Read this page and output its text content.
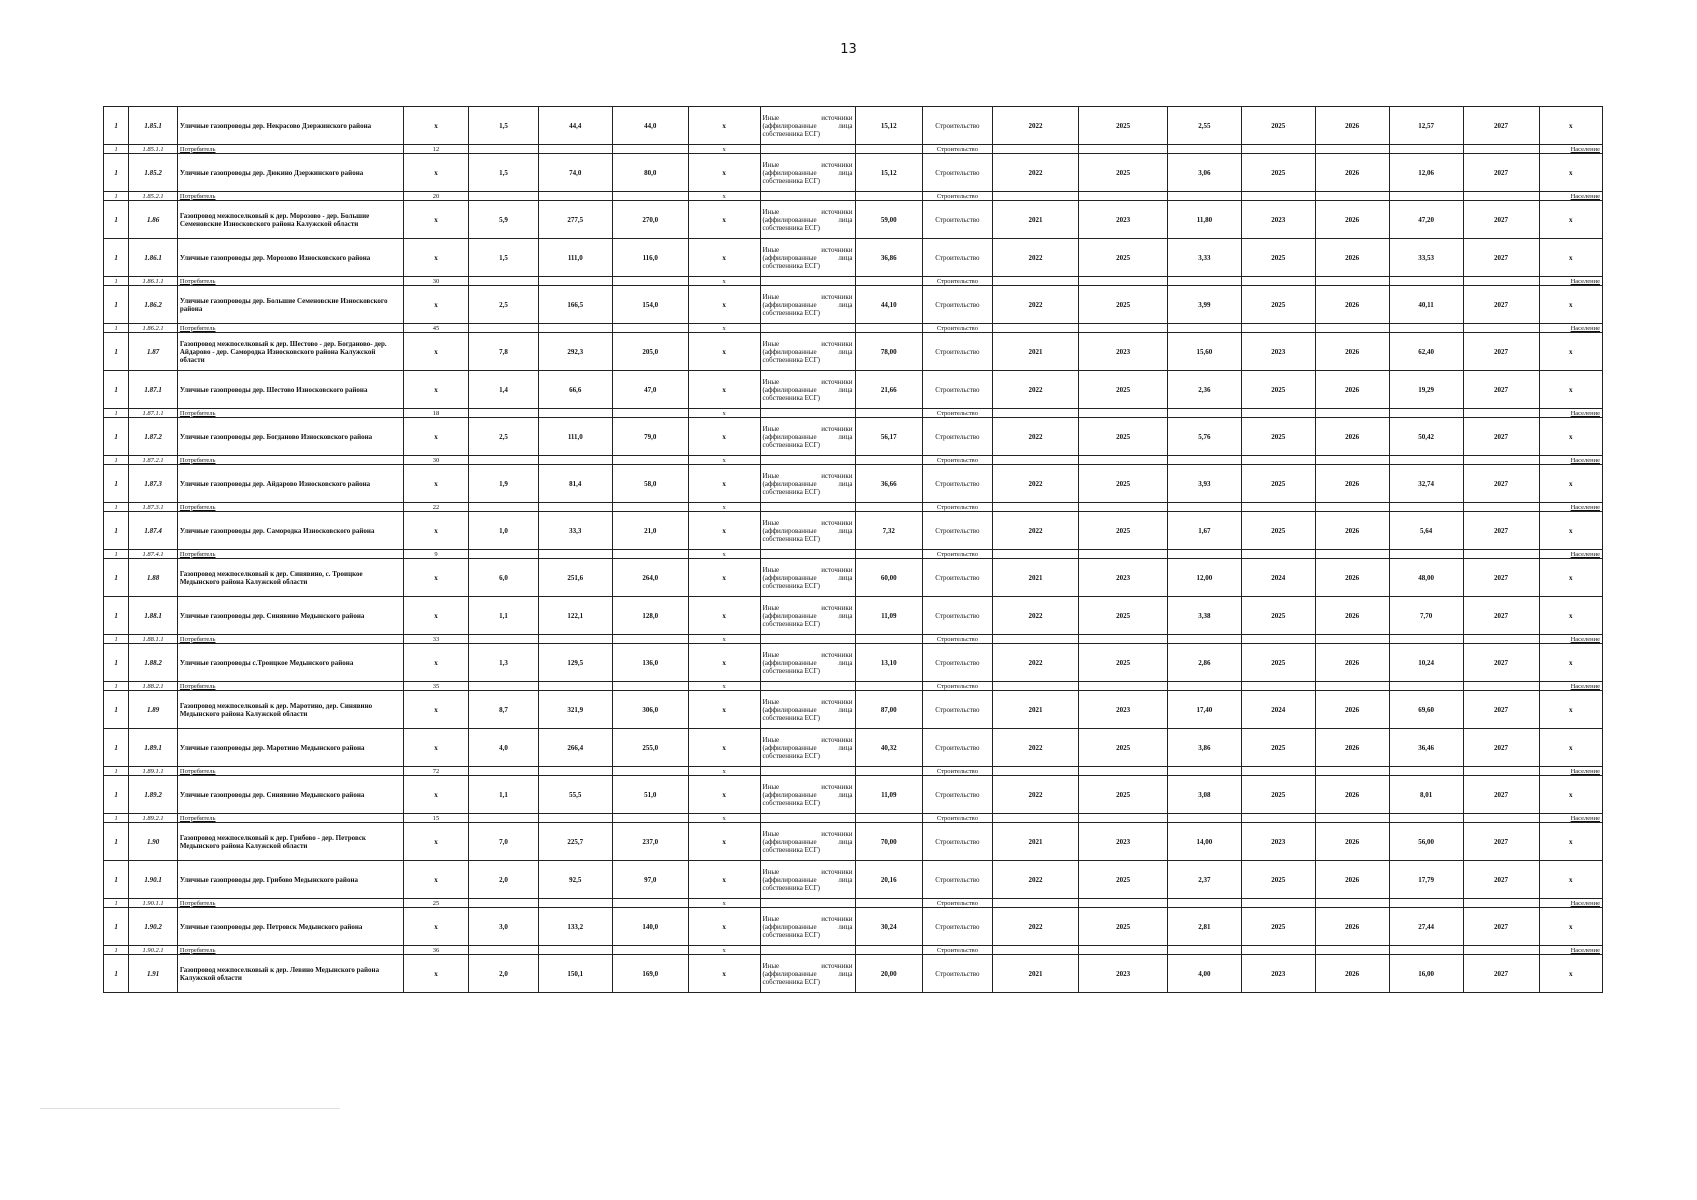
13
1	1.85.1	Уличные газопроводы дер. Некрасово Дзержинского района	x	1,5	44,4	44,0	x	Иные источники (аффилированные лица собственника ЕСГ)	15,12	Строительство	2022	2025	2,55	2025	2026	12,57	2027	x
1	1.85.1.1	Потребитель	12				x			Строительство								Население
1	1.85.2	Уличные газопроводы дер. Дюкино Дзержинского района	x	1,5	74,0	80,0	x	Иные источники (аффилированные лица собственника ЕСГ)	15,12	Строительство	2022	2025	3,06	2025	2026	12,06	2027	x
1	1.85.2.1	Потребитель	20				x			Строительство								Население
1	1.86	Газопровод межпоселковый к дер. Морозово - дер. Большие Семеновские Износковского района Калужской области	x	5,9	277,5	270,0	x	Иные источники (аффилированные лица собственника ЕСГ)	59,00	Строительство	2021	2023	11,80	2023	2026	47,20	2027	x
1	1.86.1	Уличные газопроводы дер. Морозово Износковского района	x	1,5	111,0	116,0	x	Иные источники (аффилированные лица собственника ЕСГ)	36,86	Строительство	2022	2025	3,33	2025	2026	33,53	2027	x
1	1.86.1.1	Потребитель	30				x			Строительство								Население
1	1.86.2	Уличные газопроводы дер. Большие Семеновские Износковского района	x	2,5	166,5	154,0	x	Иные источники (аффилированные лица собственника ЕСГ)	44,10	Строительство	2022	2025	3,99	2025	2026	40,11	2027	x
1	1.86.2.1	Потребитель	45				x			Строительство								Население
1	1.87	Газопровод межпоселковый к дер. Шестово - дер. Богданово- дер. Айдарово - дер. Самородка Износковского района Калужской области	x	7,8	292,3	205,0	x	Иные источники (аффилированные лица собственника ЕСГ)	78,00	Строительство	2021	2023	15,60	2023	2026	62,40	2027	x
1	1.87.1	Уличные газопроводы дер. Шестово Износковского района	x	1,4	66,6	47,0	x	Иные источники (аффилированные лица собственника ЕСГ)	21,66	Строительство	2022	2025	2,36	2025	2026	19,29	2027	x
1	1.87.1.1	Потребитель	18				x			Строительство								Население
1	1.87.2	Уличные газопроводы дер. Богданово Износковского района	x	2,5	111,0	79,0	x	Иные источники (аффилированные лица собственника ЕСГ)	56,17	Строительство	2022	2025	5,76	2025	2026	50,42	2027	x
1	1.87.2.1	Потребитель	30				x			Строительство								Население
1	1.87.3	Уличные газопроводы дер. Айдарово Износковского района	x	1,9	81,4	58,0	x	Иные источники (аффилированные лица собственника ЕСГ)	36,66	Строительство	2022	2025	3,93	2025	2026	32,74	2027	x
1	1.87.3.1	Потребитель	22				x			Строительство								Население
1	1.87.4	Уличные газопроводы дер. Самородка Износковского района	x	1,0	33,3	21,0	x	Иные источники (аффилированные лица собственника ЕСГ)	7,32	Строительство	2022	2025	1,67	2025	2026	5,64	2027	x
1	1.87.4.1	Потребитель	9				x			Строительство								Население
1	1.88	Газопровод межпоселковый к дер. Синявино, с. Троицкое Медынского района Калужской области	x	6,0	251,6	264,0	x	Иные источники (аффилированные лица собственника ЕСГ)	60,00	Строительство	2021	2023	12,00	2024	2026	48,00	2027	x
1	1.88.1	Уличные газопроводы дер. Синявино Медынского района	x	1,1	122,1	128,0	x	Иные источники (аффилированные лица собственника ЕСГ)	11,09	Строительство	2022	2025	3,38	2025	2026	7,70	2027	x
1	1.88.1.1	Потребитель	33				x			Строительство								Население
1	1.88.2	Уличные газопроводы с.Троицкое Медынского района	x	1,3	129,5	136,0	x	Иные источники (аффилированные лица собственника ЕСГ)	13,10	Строительство	2022	2025	2,86	2025	2026	10,24	2027	x
1	1.88.2.1	Потребитель	35				x			Строительство								Население
1	1.89	Газопровод межпоселковый к дер. Маротино, дер. Синявино Медынского района Калужской области	x	8,7	321,9	306,0	x	Иные источники (аффилированные лица собственника ЕСГ)	87,00	Строительство	2021	2023	17,40	2024	2026	69,60	2027	x
1	1.89.1	Уличные газопроводы дер. Маротино Медынского района	x	4,0	266,4	255,0	x	Иные источники (аффилированные лица собственника ЕСГ)	40,32	Строительство	2022	2025	3,86	2025	2026	36,46	2027	x
1	1.89.1.1	Потребитель	72				x			Строительство								Население
1	1.89.2	Уличные газопроводы дер. Синявино Медынского района	x	1,1	55,5	51,0	x	Иные источники (аффилированные лица собственника ЕСГ)	11,09	Строительство	2022	2025	3,08	2025	2026	8,01	2027	x
1	1.89.2.1	Потребитель	15				x			Строительство								Население
1	1.90	Газопровод межпоселковый к дер. Грибово - дер. Петровск Медынского района Калужской области	x	7,0	225,7	237,0	x	Иные источники (аффилированные лица собственника ЕСГ)	70,00	Строительство	2021	2023	14,00	2023	2026	56,00	2027	x
1	1.90.1	Уличные газопроводы дер. Грибово Медынского района	x	2,0	92,5	97,0	x	Иные источники (аффилированные лица собственника ЕСГ)	20,16	Строительство	2022	2025	2,37	2025	2026	17,79	2027	x
1	1.90.1.1	Потребитель	25				x			Строительство								Население
1	1.90.2	Уличные газопроводы дер. Петровск Медынского района	x	3,0	133,2	140,0	x	Иные источники (аффилированные лица собственника ЕСГ)	30,24	Строительство	2022	2025	2,81	2025	2026	27,44	2027	x
1	1.90.2.1	Потребитель	36				x			Строительство								Население
1	1.91	Газопровод межпоселковый к дер. Левино Медынского района Калужской области	x	2,0	150,1	169,0	x	Иные источники (аффилированные лица собственника ЕСГ)	20,00	Строительство	2021	2023	4,00	2023	2026	16,00	2027	x
